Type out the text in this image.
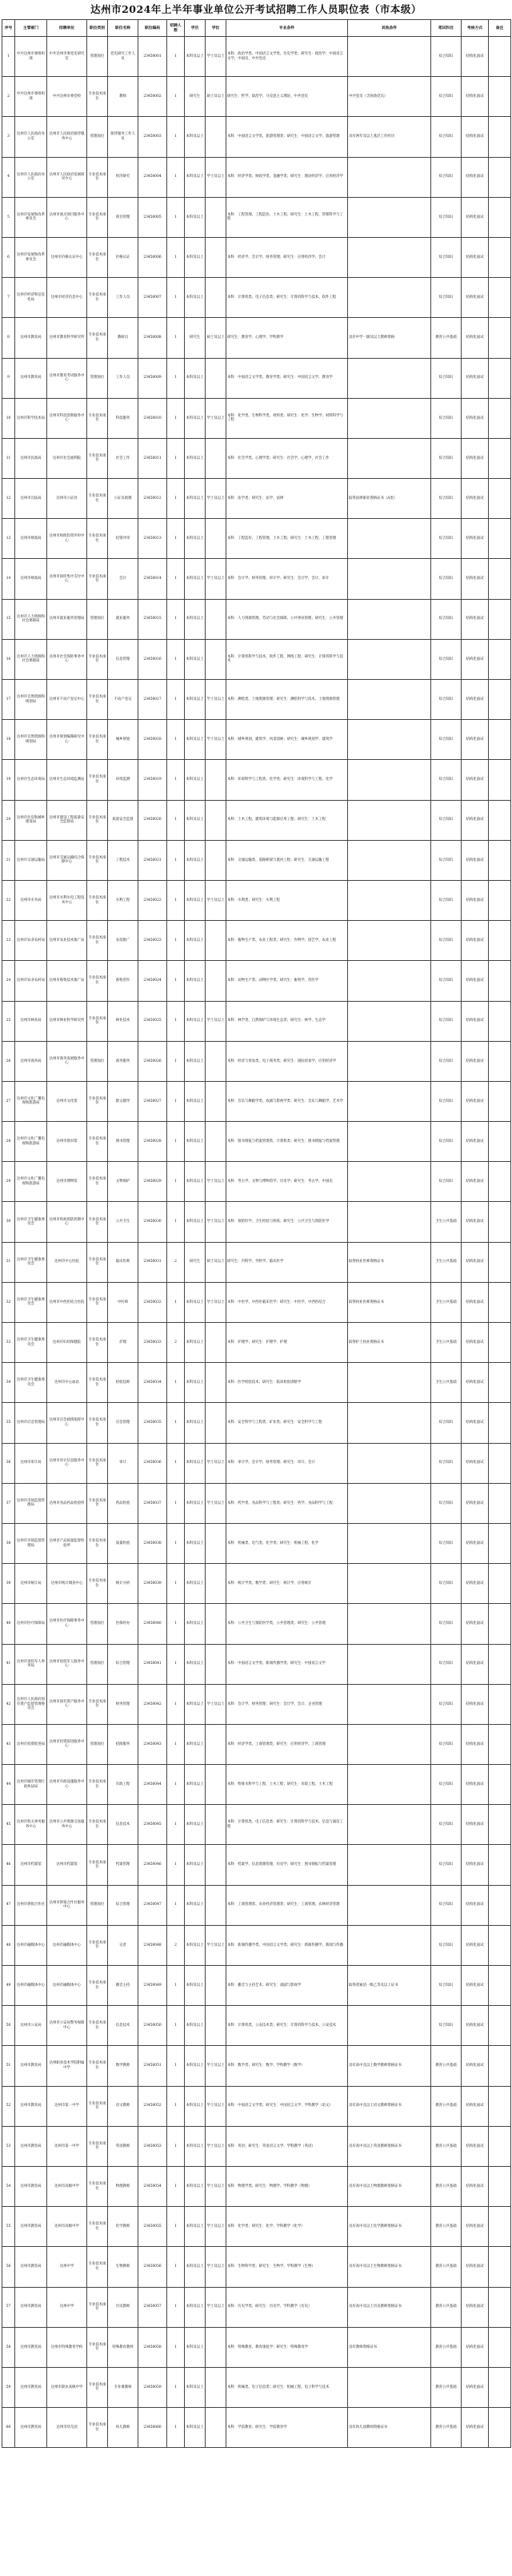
达州市2024年上半年事业单位公开考试招聘工作人员职位表（市本级）
序号	主管部门	招聘单位	职位类别	职位名称	职位编码	招聘人数	学历	学位	专业条件	其他条件	笔试科目	考核方式	备注
1	中共达州市委组织部	中共达州市委党史研究室	管理岗位	党史研究工作人员	23450001	1	本科及以上	学士及以上	本科：政治学类、中国语言文学类、历史学类；研究生：政治学、中国语言文学、中国史、中共党史		综合知识	结构化面试	
2	中共达州市委组织部	中共达州市委党校	专业技术岗位	教师	23450002	1	研究生	硕士及以上	研究生：哲学、政治学、马克思主义理论、中共党史	中共党员（含预备党员）	综合知识	结构化面试	
3	达州市人民政府办公室	达州市人民政府接待服务中心	管理岗位	接待服务工作人员	23450003	1	本科及以上		本科：中国语言文学类、旅游管理类；研究生：中国语言文学、旅游管理	具有两年及以上基层工作经历	综合知识	结构化面试	
4	达州市人民政府办公室	达州市人民政府发展研究中心	专业技术岗位	经济研究	23450004	1	本科及以上	学士及以上	本科：经济学类、财政学类、金融学类；研究生：理论经济学、应用经济学		综合知识	结构化面试	
5	达州市发展和改革委员会	达州市重点项目服务中心	专业技术岗位	项目管理	23450005	1	本科及以上		本科：工程管理、工程造价、土木工程；研究生：土木工程、管理科学与工程		综合知识	结构化面试	
6	达州市发展和改革委员会	达州市价格认证中心	专业技术岗位	价格认证	23450006	1	本科及以上		本科：经济学、会计学、财务管理；研究生：应用经济学、会计		综合知识	结构化面试	
7	达州市经济和信息化局	达州市经济信息中心	专业技术岗位	工作人员	23450007	1	本科及以上		本科：计算机类、电子信息类；研究生：计算机科学与技术、软件工程		综合知识	结构化面试	
8	达州市教育局	达州市教育科学研究所	专业技术岗位	教研员	23450008	1	研究生	硕士及以上	研究生：教育学、心理学、学科教学	具有中学一级及以上教师资格	教育公共基础	结构化面试	
9	达州市教育局	达州市教育考试服务中心	管理岗位	工作人员	23450009	1	本科及以上		本科：中国语言文学类、教育学类；研究生：中国语言文学、教育学		综合知识	结构化面试	
10	达州市科学技术局	达州市科技创新服务中心	专业技术岗位	科技服务	23450010	1	本科及以上	学士及以上	本科：化学类、生物科学类、材料类；研究生：化学、生物学、材料科学与工程		综合知识	结构化面试	
11	达州市民政局	达州市社会福利院	专业技术岗位	社会工作	23450011	1	本科及以上		本科：社会学类、心理学类；研究生：社会学、心理学、社会工作		综合知识	结构化面试	
12	达州市司法局	达州市公证处	专业技术岗位	公证员助理	23450012	1	本科及以上	学士及以上	本科：法学类；研究生：法学、法律	取得法律职业资格证书（A类）	综合知识	结构化面试	
13	达州市财政局	达州市财政投资评审中心	专业技术岗位	投资评审	23450013	1	本科及以上		本科：工程造价、工程管理、土木工程；研究生：土木工程、工程管理		综合知识	结构化面试	
14	达州市财政局	达州市国库集中支付中心	专业技术岗位	会计	23450014	1	本科及以上	学士及以上	本科：会计学、财务管理、审计学；研究生：会计学、会计、审计		综合知识	结构化面试	
15	达州市人力资源和社会保障局	达州市就业服务管理局	管理岗位	就业服务	23450015	1	本科及以上		本科：人力资源管理、劳动与社会保障、公共事业管理；研究生：公共管理		综合知识	结构化面试	
16	达州市人力资源和社会保障局	达州市社会保险事务中心	专业技术岗位	信息管理	23450016	1	本科及以上		本科：计算机科学与技术、软件工程、网络工程；研究生：计算机科学与技术		综合知识	结构化面试	
17	达州市自然资源和规划局	达州市不动产登记中心	专业技术岗位	不动产登记	23450017	1	本科及以上	学士及以上	本科：测绘类、土地资源管理；研究生：测绘科学与技术、土地资源管理		综合知识	结构化面试	
18	达州市自然资源和规划局	达州市规划编制研究中心	专业技术岗位	城乡规划	23450018	1	本科及以上	学士及以上	本科：城乡规划、建筑学、风景园林；研究生：城乡规划学、建筑学		综合知识	结构化面试	
19	达州市生态环境局	达州市生态环境监测站	专业技术岗位	环境监测	23450019	1	本科及以上		本科：环境科学与工程类、化学类；研究生：环境科学与工程、化学		综合知识	结构化面试	
20	达州市住房和城乡建设局	达州市建设工程质量安全监督站	专业技术岗位	质量安全监督	23450020	1	本科及以上		本科：土木工程、建筑环境与能源应用工程；研究生：土木工程		综合知识	结构化面试	
21	达州市交通运输局	达州市交通运输综合保障中心	专业技术岗位	工程技术	23450021	1	本科及以上		本科：交通运输类、道路桥梁与渡河工程；研究生：交通运输工程		综合知识	结构化面试	
22	达州市水务局	达州市水利水电工程技术中心	专业技术岗位	水利工程	23450022	1	本科及以上	学士及以上	本科：水利类；研究生：水利工程		综合知识	结构化面试	
23	达州市农业农村局	达州市农业技术推广站	专业技术岗位	农技推广	23450023	1	本科及以上		本科：植物生产类、农业工程类；研究生：作物学、园艺学、农业工程		综合知识	结构化面试	
24	达州市农业农村局	达州市畜牧技术推广站	专业技术岗位	畜牧兽医	23450024	1	本科及以上		本科：动物生产类、动物医学类；研究生：畜牧学、兽医学		综合知识	结构化面试	
25	达州市林业局	达州市林业科学研究所	专业技术岗位	林业技术	23450025	1	本科及以上	学士及以上	本科：林学类、自然保护与环境生态类；研究生：林学、生态学		综合知识	结构化面试	
26	达州市商务局	达州市商务发展服务中心	管理岗位	商务服务	23450026	1	本科及以上		本科：经济与贸易类、电子商务类；研究生：国际贸易学、应用经济学		综合知识	结构化面试	
27	达州市文化广播电视和旅游局	达州市文化馆	专业技术岗位	群文辅导	23450027	1	本科及以上		本科：音乐与舞蹈学类、戏剧与影视学类；研究生：音乐与舞蹈学、艺术学		综合知识	结构化面试	
28	达州市文化广播电视和旅游局	达州市图书馆	专业技术岗位	图书管理	23450028	1	本科及以上		本科：图书情报与档案管理类、计算机类；研究生：图书情报与档案管理		综合知识	结构化面试	
29	达州市文化广播电视和旅游局	达州市博物馆	专业技术岗位	文物保护	23450029	1	本科及以上	学士及以上	本科：考古学、文物与博物馆学、历史学；研究生：考古学、中国史		综合知识	结构化面试	
30	达州市卫生健康委员会	达州市疾病预防控制中心	专业技术岗位	公共卫生	23450030	1	本科及以上	学士及以上	本科：预防医学、卫生检验与检疫；研究生：公共卫生与预防医学		卫生公共基础	结构化面试	
31	达州市卫生健康委员会	达州市中心医院	专业技术岗位	临床医师	23450031	2	研究生	硕士及以上	研究生：内科学、外科学、临床医学	取得执业医师资格证书	卫生公共基础	结构化面试	
32	达州市卫生健康委员会	达州市中西医结合医院	专业技术岗位	中医师	23450032	1	本科及以上	学士及以上	本科：中医学、中西医临床医学；研究生：中医学、中西医结合	取得执业医师资格证书	卫生公共基础	结构化面试	
33	达州市卫生健康委员会	达州市妇幼保健院	专业技术岗位	护理	23450033	2	本科及以上		本科：护理学；研究生：护理学、护理	取得护士执业资格证书	卫生公共基础	结构化面试	
34	达州市卫生健康委员会	达州市中心血站	专业技术岗位	检验技师	23450034	1	本科及以上		本科：医学检验技术；研究生：临床检验诊断学		卫生公共基础	结构化面试	
35	达州市应急管理局	达州市应急救援指挥中心	专业技术岗位	应急管理	23450035	1	本科及以上		本科：安全科学与工程类、矿业类；研究生：安全科学与工程		综合知识	结构化面试	
36	达州市审计局	达州市审计信息服务中心	专业技术岗位	审计	23450036	1	本科及以上	学士及以上	本科：审计学、会计学、财务管理；研究生：审计、会计		综合知识	结构化面试	
37	达州市市场监督管理局	达州市食品药品检验所	专业技术岗位	药品检验	23450037	1	本科及以上	学士及以上	本科：药学类、食品科学与工程类；研究生：药学、食品科学与工程		综合知识	结构化面试	
38	达州市市场监督管理局	达州市产品质量监督检验所	专业技术岗位	质量检验	23450038	1	本科及以上		本科：机械类、电气类、化学类；研究生：机械工程、化学		综合知识	结构化面试	
39	达州市统计局	达州市统计调查中心	专业技术岗位	统计分析	23450039	1	本科及以上		本科：统计学类、数学类；研究生：统计学、应用统计		综合知识	结构化面试	
40	达州市医疗保障局	达州市医疗保障事务中心	管理岗位	医保经办	23450040	1	本科及以上		本科：公共卫生与预防医学类、公共管理类；研究生：公共管理		综合知识	结构化面试	
41	达州市退役军人事务局	达州市退役军人服务中心	管理岗位	综合管理	23450041	1	本科及以上		本科：中国语言文学类、新闻传播学类；研究生：中国语言文学		综合知识	结构化面试	
42	达州市人民政府国有资产监督管理委员会	达州市国有资产服务中心	专业技术岗位	财务管理	23450042	1	本科及以上	学士及以上	本科：会计学、财务管理；研究生：会计学、会计、企业管理		综合知识	结构化面试	
43	达州市投资促进局	达州市投资促进服务中心	管理岗位	招商服务	23450043	1	本科及以上		本科：经济学类、工商管理类；研究生：应用经济学、工商管理		综合知识	结构化面试	
44	达州市城市管理行政执法局	达州市市政设施服务中心	专业技术岗位	市政工程	23450044	1	本科及以上		本科：给排水科学与工程、土木工程；研究生：市政工程、土木工程		综合知识	结构化面试	
45	达州市机关事务服务中心	达州市公共资源交易服务中心	专业技术岗位	信息技术	23450045	1	本科及以上		本科：计算机类、电子信息类；研究生：计算机科学与技术、信息与通信工程		综合知识	结构化面试	
46	达州市档案馆	达州市档案馆	专业技术岗位	档案管理	23450046	1	本科及以上		本科：档案学、信息资源管理、历史学；研究生：图书情报与档案管理		综合知识	结构化面试	
47	达州市供销合作社	达州市供销合作社服务中心	管理岗位	综合管理	23450047	1	本科及以上		本科：工商管理类、农业经济管理类；研究生：工商管理、农林经济管理		综合知识	结构化面试	
48	达州市融媒体中心	达州市融媒体中心	专业技术岗位	记者	23450048	2	本科及以上	学士及以上	本科：新闻传播学类、中国语言文学类；研究生：新闻传播学、新闻与传播		综合知识	结构化面试	
49	达州市融媒体中心	达州市融媒体中心	专业技术岗位	播音主持	23450049	1	本科及以上		本科：播音与主持艺术；研究生：戏剧与影视学	取得普通话一级乙等及以上证书	综合知识	结构化面试	
50	达州市公安局	达州市公安局警务保障中心	专业技术岗位	信息技术	23450050	1	本科及以上		本科：计算机类、公安技术类；研究生：计算机科学与技术、公安技术		综合知识	结构化面试	
51	达州市教育局	达州职业技术学院附属中学	专业技术岗位	数学教师	23450051	1	本科及以上	学士及以上	本科：数学类；研究生：数学、学科教学（数学）	具有高中及以上数学教师资格证书	教育公共基础	结构化面试	
52	达州市教育局	达州市第一中学	专业技术岗位	语文教师	23450052	1	本科及以上	学士及以上	本科：中国语言文学类；研究生：中国语言文学、学科教学（语文）	具有高中及以上语文教师资格证书	教育公共基础	结构化面试	
53	达州市教育局	达州市第一中学	专业技术岗位	英语教师	23450053	1	本科及以上	学士及以上	本科：英语；研究生：英语语言文学、学科教学（英语）	具有高中及以上英语教师资格证书	教育公共基础	结构化面试	
54	达州市教育局	达州市高级中学	专业技术岗位	物理教师	23450054	1	本科及以上	学士及以上	本科：物理学类；研究生：物理学、学科教学（物理）	具有高中及以上物理教师资格证书	教育公共基础	结构化面试	
55	达州市教育局	达州市高级中学	专业技术岗位	化学教师	23450055	1	本科及以上	学士及以上	本科：化学类；研究生：化学、学科教学（化学）	具有高中及以上化学教师资格证书	教育公共基础	结构化面试	
56	达州市教育局	达州中学	专业技术岗位	生物教师	23450056	1	本科及以上	学士及以上	本科：生物科学类；研究生：生物学、学科教学（生物）	具有高中及以上生物教师资格证书	教育公共基础	结构化面试	
57	达州市教育局	达州中学	专业技术岗位	历史教师	23450057	1	本科及以上	学士及以上	本科：历史学类；研究生：历史学、学科教学（历史）	具有高中及以上历史教师资格证书	教育公共基础	结构化面试	
58	达州市教育局	达州市特殊教育学校	专业技术岗位	特殊教育教师	23450058	1	本科及以上		本科：特殊教育、教育康复学；研究生：特殊教育学	具有教师资格证书	教育公共基础	结构化面试	
59	达州市教育局	达州市职业高级中学	专业技术岗位	专业课教师	23450059	1	本科及以上		本科：机械类、电子信息类；研究生：机械工程、电子科学与技术		教育公共基础	结构化面试	
60	达州市教育局	达州市幼儿园	专业技术岗位	幼儿教师	23450060	1	本科及以上		本科：学前教育；研究生：学前教育学	具有幼儿园教师资格证书	教育公共基础	结构化面试	
